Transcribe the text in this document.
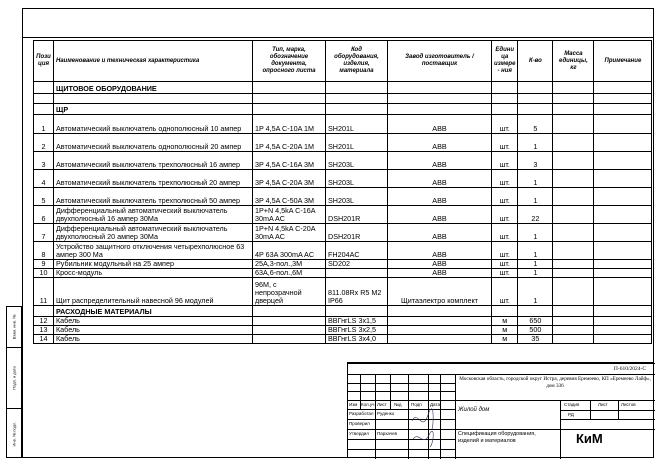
Взам. инв. №
Подп. и дата
Инв. № подл.
Пози ция	Наименование и техническая характеристика	Тип, марка, обозначение документа, опросного листа	Код оборудования, изделия, материала	Завод изготовитель / поставщик	Едини ца измере - ния	К-во	Масса единицы, кг	Примечание
	ЩИТОВОЕ ОБОРУДОВАНИЕ							

	ЩР							
1	Автоматический выключатель однополюсный 10 ампер	1P 4,5A C-10A 1M	SH201L	ABB	шт.	5		
2	Автоматический выключатель однополюсный 20 ампер	1P 4,5A C-20A 1M	SH201L	ABB	шт.	1		
3	Автоматический выключатель трехполюсный 16 ампер	3P 4,5A C-16A 3M	SH203L	ABB	шт.	3		
4	Автоматический выключатель трехполюсный 20 ампер	3P 4,5A C-20A 3M	SH203L	ABB	шт.	1		
5	Автоматический выключатель трехполюсный 50 ампер	3P 4,5A C-50A 3M	SH203L	ABB	шт.	1		
6	Дифференциальный автоматический выключатель двухполюсный 16 ампер 30Ма	1P+N 4,5kA C-16A 30mA AC	DSH201R	ABB	шт.	22		
7	Дифференциальный автоматический выключатель двухполюсный 20 ампер 30Ма	1P+N 4,5kA C-20A 30mA AC	DSH201R	ABB	шт.	1		
8	Устройство защитного отключения четырехполюсное 63 ампер 300 Ма	4P 63A 300mA AC	FH204AC	ABB	шт.	1		
9	Рубильник модульный на 25 ампер	25A,3-пол.,3M	SD202	ABB	шт.	1		
10	Кросс-модуль	63A,6-пол.,6M		ABB	шт.	1		
11	Щит распределительный навесной 96 модулей	96M, с непрозрачной дверцей	811.08Rx R5 M2 IP66	Щитаэлектро комплект	шт.	1		
	РАСХОДНЫЕ МАТЕРИАЛЫ							
12	Кабель		ВВГнгLS 3х1,5		м	650		
13	Кабель		ВВГнгLS 3х2,5		м	500		
14	Кабель		ВВГнгLS 3х4,0		м	35		
П-610/2024-С
Московская область, городской округ Истра, деревня Еремеево, КП «Еремеево Лайф», дом 336
Изм Кол.уч Лист №д Подп Дата
Разработал Руденко
Проверил
Утвердил Пархачев
Жилой дом
Спецификация оборудования, изделий и материалов
Стадия	Лист	Листов
РД
КиМ
